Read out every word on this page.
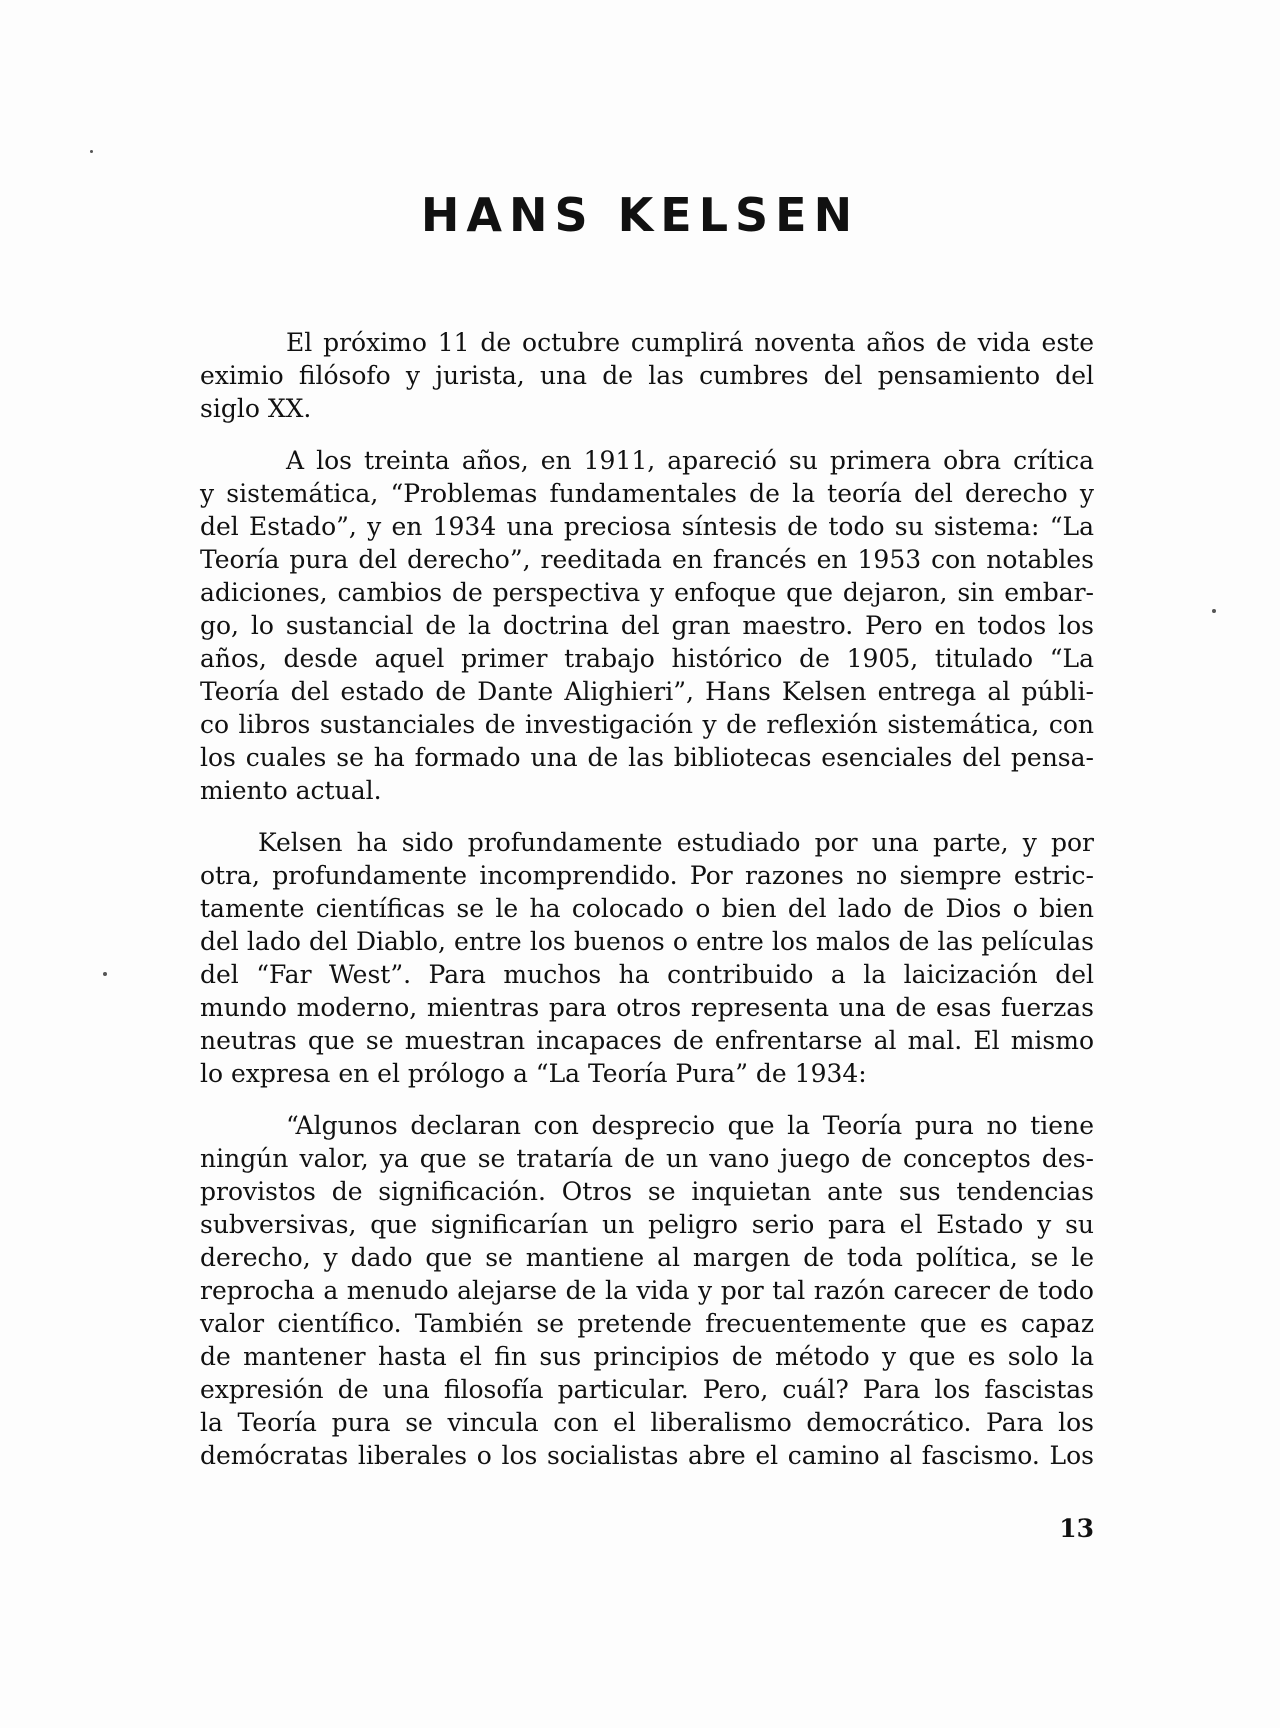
HANS KELSEN
El próximo 11 de octubre cumplirá noventa años de vida este
eximio filósofo y jurista, una de las cumbres del pensamiento del
siglo XX.
A los treinta años, en 1911, apareció su primera obra crítica
y sistemática, “Problemas fundamentales de la teoría del derecho y
del Estado”, y en 1934 una preciosa síntesis de todo su sistema: “La
Teoría pura del derecho”, reeditada en francés en 1953 con notables
adiciones, cambios de perspectiva y enfoque que dejaron, sin embar-
go, lo sustancial de la doctrina del gran maestro. Pero en todos los
años, desde aquel primer trabajo histórico de 1905, titulado “La
Teoría del estado de Dante Alighieri”, Hans Kelsen entrega al públi-
co libros sustanciales de investigación y de reflexión sistemática, con
los cuales se ha formado una de las bibliotecas esenciales del pensa-
miento actual.
Kelsen ha sido profundamente estudiado por una parte, y por
otra, profundamente incomprendido. Por razones no siempre estric-
tamente científicas se le ha colocado o bien del lado de Dios o bien
del lado del Diablo, entre los buenos o entre los malos de las películas
del “Far West”. Para muchos ha contribuido a la laicización del
mundo moderno, mientras para otros representa una de esas fuerzas
neutras que se muestran incapaces de enfrentarse al mal. El mismo
lo expresa en el prólogo a “La Teoría Pura” de 1934:
“Algunos declaran con desprecio que la Teoría pura no tiene
ningún valor, ya que se trataría de un vano juego de conceptos des-
provistos de significación. Otros se inquietan ante sus tendencias
subversivas, que significarían un peligro serio para el Estado y su
derecho, y dado que se mantiene al margen de toda política, se le
reprocha a menudo alejarse de la vida y por tal razón carecer de todo
valor científico. También se pretende frecuentemente que es capaz
de mantener hasta el fin sus principios de método y que es solo la
expresión de una filosofía particular. Pero, cuál? Para los fascistas
la Teoría pura se vincula con el liberalismo democrático. Para los
demócratas liberales o los socialistas abre el camino al fascismo. Los
13
